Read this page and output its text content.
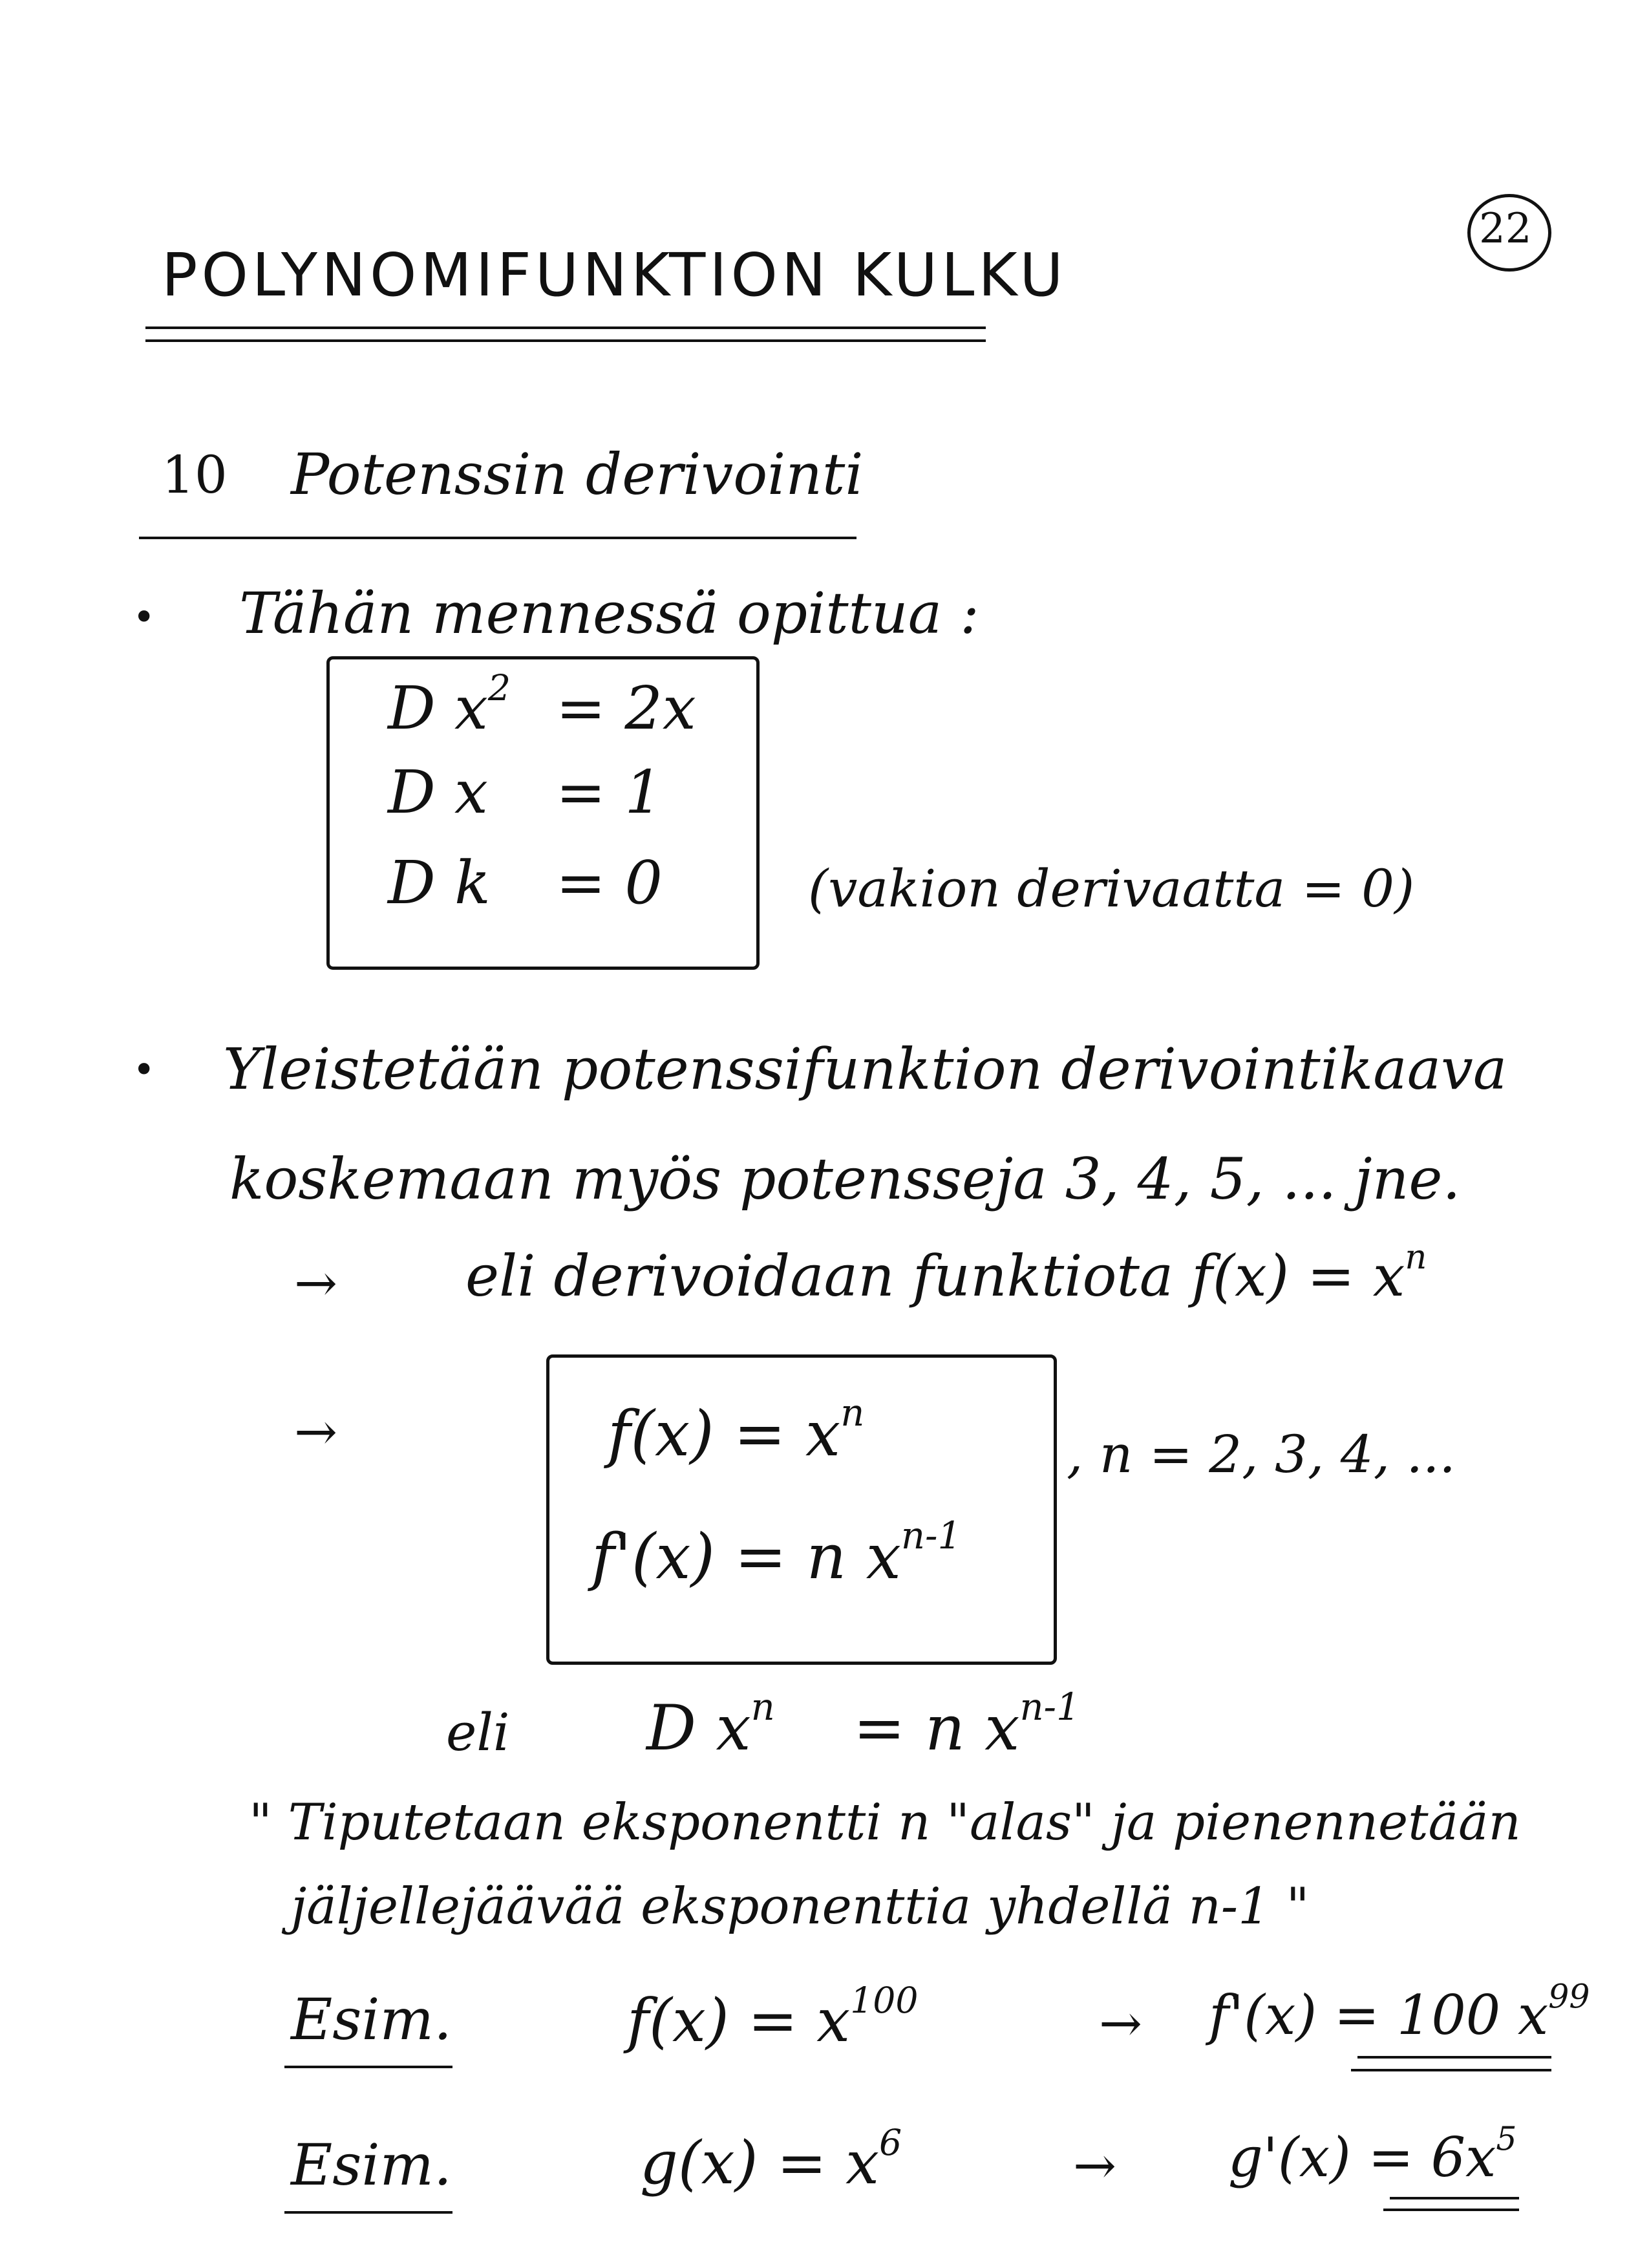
22
POLYNOMIFUNKTION KULKU
10 Potenssin derivointi
• Tähän mennessä opittua :
D $x^2 = 2x$
D x = 1
D k = 0	(vakion derivaatta = 0)
• Yleistetään potenssifunktion derivointikaava
koskemaan myös potensseja 3, 4, 5, ... jne.
→ eli derivoidaan funktiota $f(x) = x^n$
→	$f(x) = x^n$
f'(x) = n $x^{n-1}$
, n = 2, 3, 4, ...
eli D $x^n = n$ $x^{n-1}$
" Tiputetaan eksponentti n "alas" ja pienennetään
jäljellejäävää eksponenttia yhdellä n-1 "
Esim.	$f(x) = x^{100}$	→ f'(x) = 100 $x^{99}$
Esim.	$g(x) = x^6$	→ $g'(x) = 6x^5$
